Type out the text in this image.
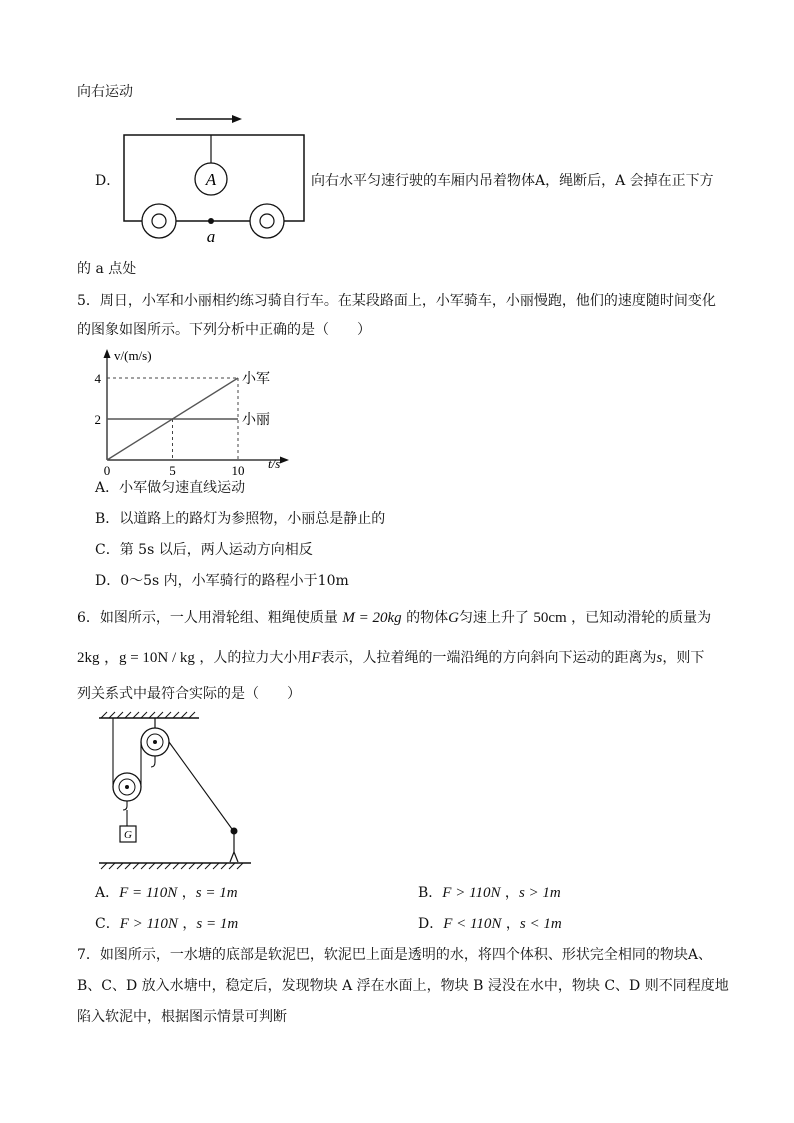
向右运动
A
a
D．	向右水平匀速行驶的车厢内吊着物体A，绳断后，A 会掉在正下方
的 a 点处
5．周日，小军和小丽相约练习骑自行车。在某段路面上，小军骑车，小丽慢跑，他们的速度随时间变化
的图象如图所示。下列分析中正确的是（　　）
v/(m/s)
t/s
小军
小丽
0	5	10
2
4
A．小军做匀速直线运动
B．以道路上的路灯为参照物，小丽总是静止的
C．第 5s 以后，两人运动方向相反
D．0～5s 内，小军骑行的路程小于10m
6．如图所示，一人用滑轮组、粗绳使质量 M = 20kg 的物体G匀速上升了 50cm ，已知动滑轮的质量为
2kg ，g = 10N / kg ，人的拉力大小用F表示，人拉着绳的一端沿绳的方向斜向下运动的距离为s，则下
列关系式中最符合实际的是（　　）
G
A．F = 110N ，s = 1m	B．F > 110N ，s > 1m
C．F > 110N ，s = 1m	D．F < 110N ，s < 1m
7．如图所示，一水塘的底部是软泥巴，软泥巴上面是透明的水，将四个体积、形状完全相同的物块A、
B、C、D 放入水塘中，稳定后，发现物块 A 浮在水面上，物块 B 浸没在水中，物块 C、D 则不同程度地
陷入软泥中，根据图示情景可判断
